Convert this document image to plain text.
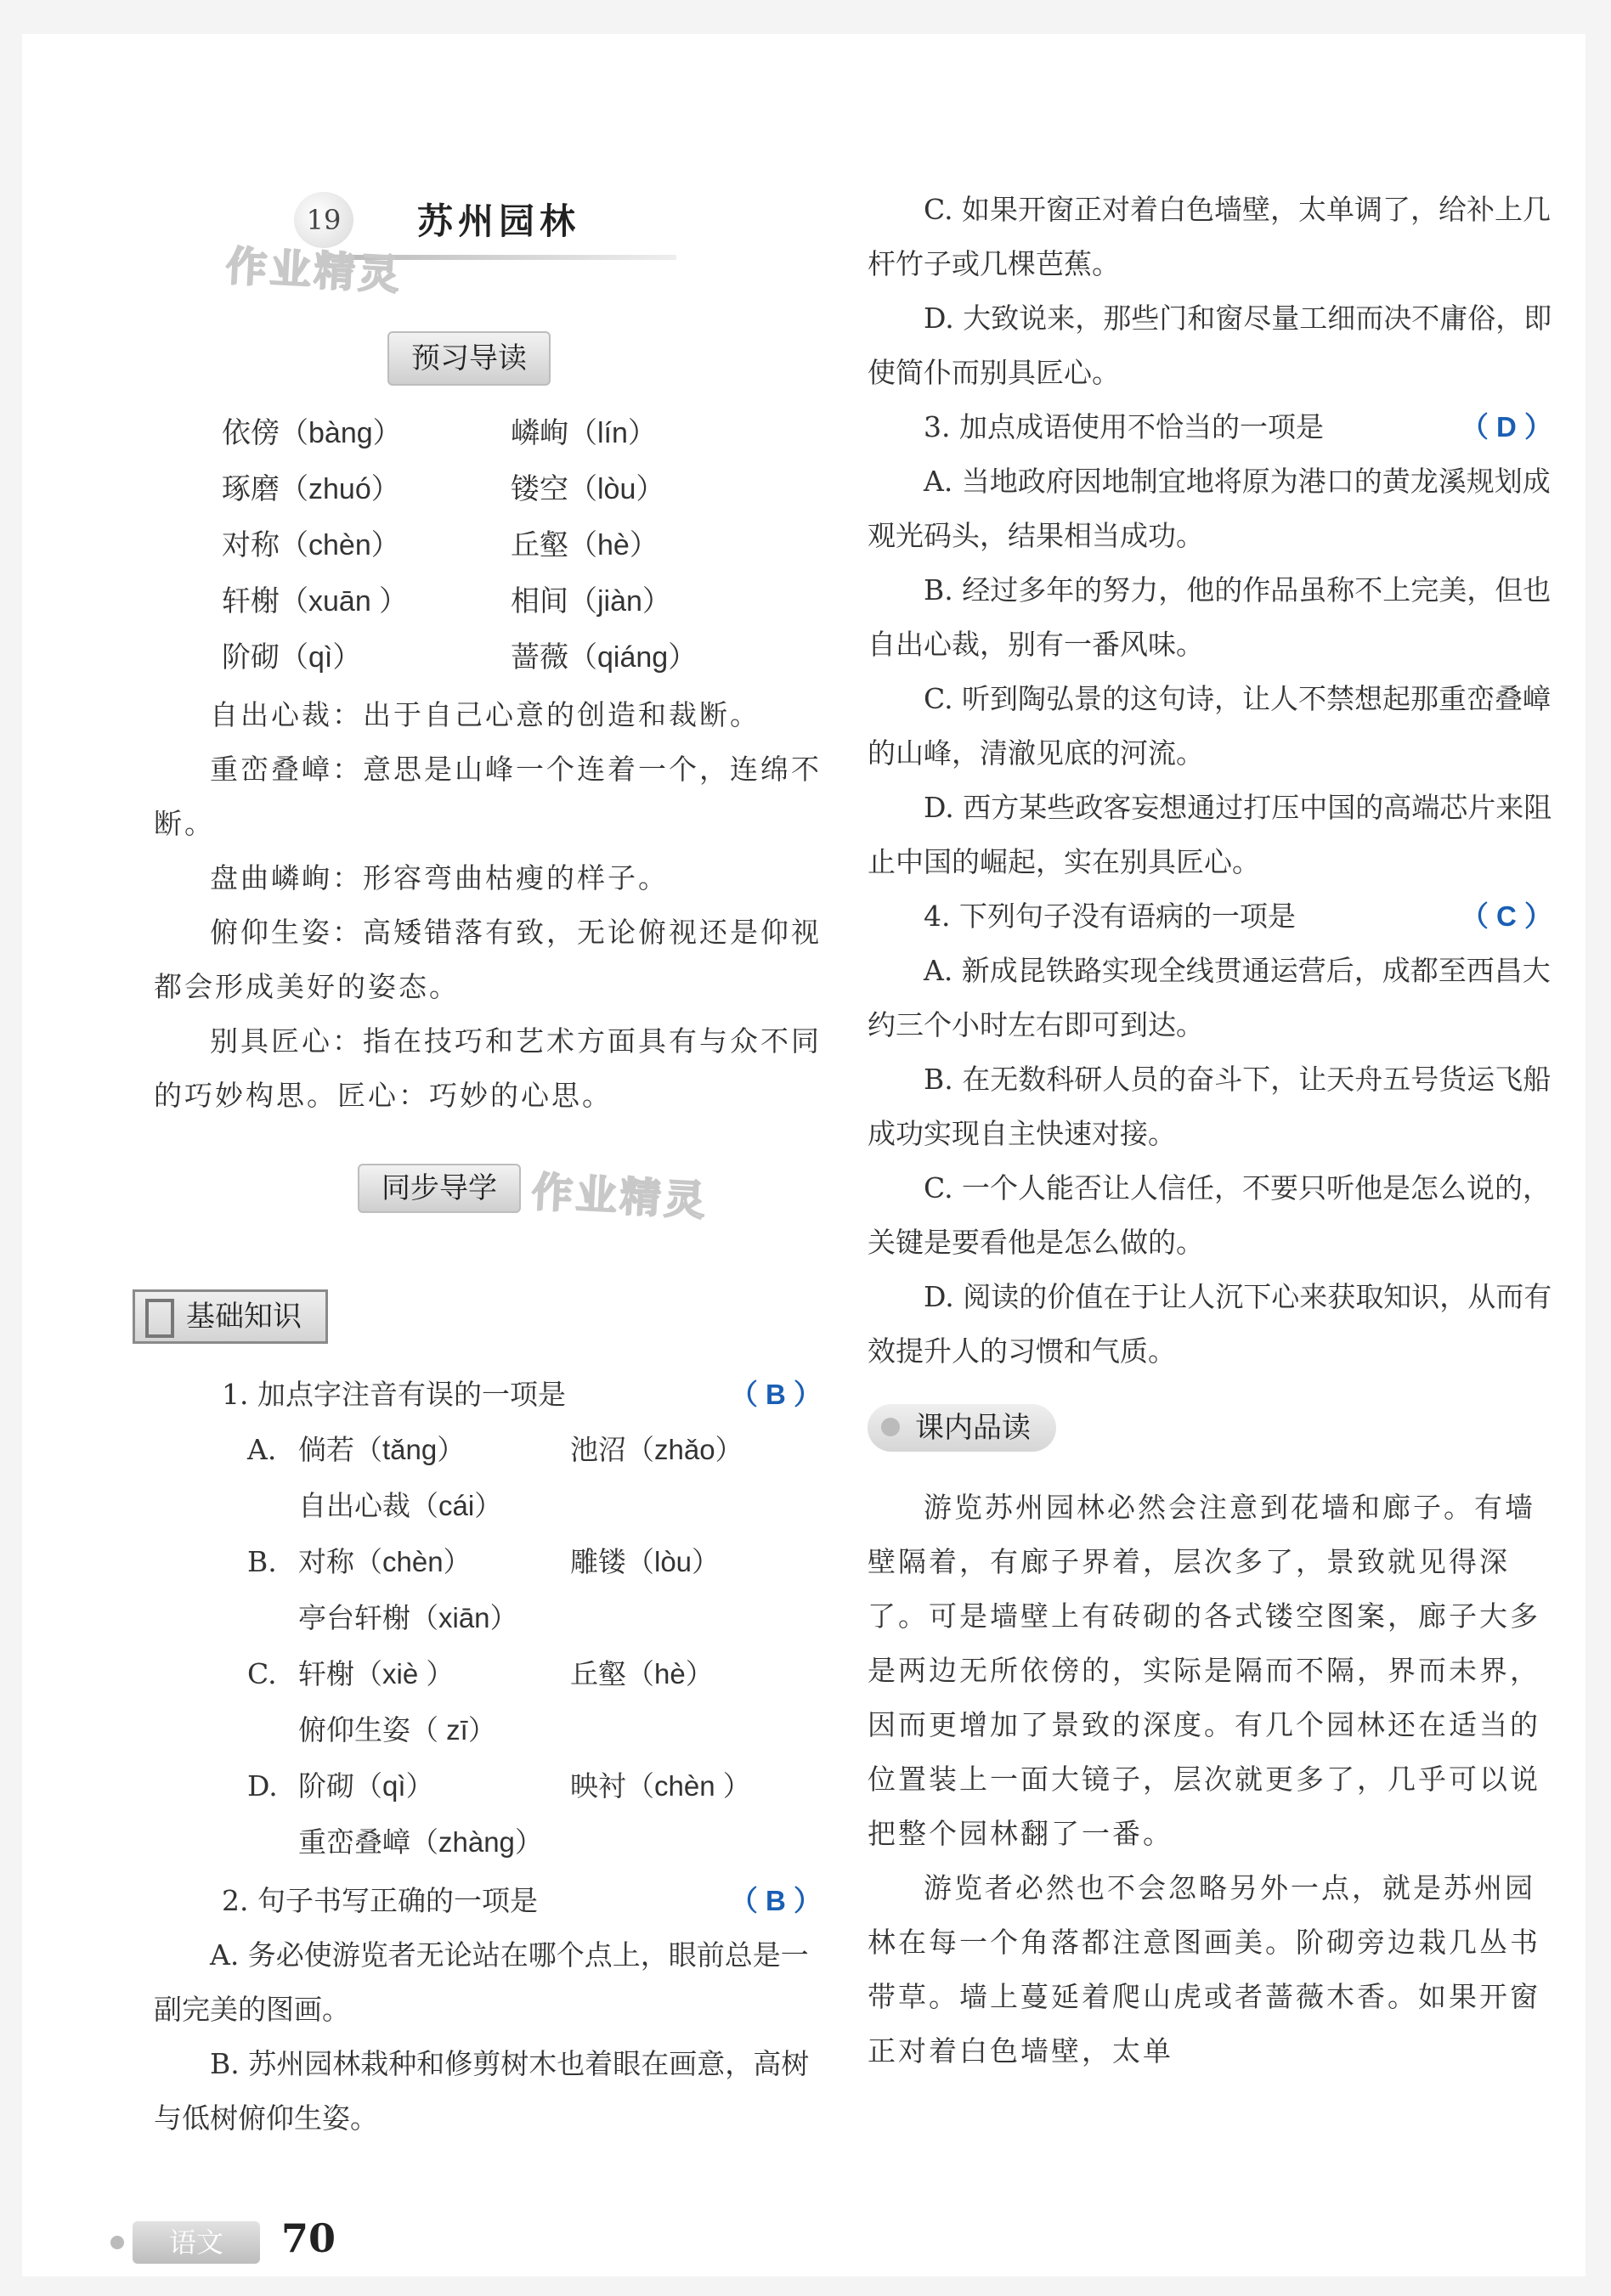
19	苏州园林
作业精灵
预习导读
依傍（bàng）	嶙峋（lín）
琢磨（zhuó）	镂空（lòu）
对称（chèn）	丘壑（hè）
轩榭（xuān ）	相间（jiàn）
阶砌（qì）	蔷薇（qiáng）

自出心裁：出于自己心意的创造和裁断。

重峦叠嶂：意思是山峰一个连着一个，连绵不断。

盘曲嶙峋：形容弯曲枯瘦的样子。

俯仰生姿：高矮错落有致，无论俯视还是仰视都会形成美好的姿态。

别具匠心：指在技巧和艺术方面具有与众不同的巧妙构思。匠心：巧妙的心思。

同步导学 作业精灵
基础知识

1. 加点字注音有误的一项是	（ B ）

A. 倘若（tǎng）	池沼（zhǎo）

自出心裁（cái）

B. 对称（chèn）	雕镂（lòu）

亭台轩榭（xiān）

C. 轩榭（xiè ）	丘壑（hè）

俯仰生姿（ zī）

D. 阶砌（qì）	映衬（chèn ）

重峦叠嶂（zhàng）

2. 句子书写正确的一项是	（ B ）

A. 务必使游览者无论站在哪个点上，眼前总是一副完美的图画。

B. 苏州园林栽种和修剪树木也着眼在画意，高树与低树俯仰生姿。

C. 如果开窗正对着白色墙壁，太单调了，给补上几杆竹子或几棵芭蕉。

D. 大致说来，那些门和窗尽量工细而决不庸俗，即使简仆而别具匠心。

3. 加点成语使用不恰当的一项是	（ D ）

A. 当地政府因地制宜地将原为港口的黄龙溪规划成观光码头，结果相当成功。

B. 经过多年的努力，他的作品虽称不上完美，但也自出心裁，别有一番风味。

C. 听到陶弘景的这句诗，让人不禁想起那重峦叠嶂的山峰，清澈见底的河流。

D. 西方某些政客妄想通过打压中国的高端芯片来阻止中国的崛起，实在别具匠心。

4. 下列句子没有语病的一项是	（ C ）

A. 新成昆铁路实现全线贯通运营后，成都至西昌大约三个小时左右即可到达。

B. 在无数科研人员的奋斗下，让天舟五号货运飞船成功实现自主快速对接。

C. 一个人能否让人信任，不要只听他是怎么说的，关键是要看他是怎么做的。

D. 阅读的价值在于让人沉下心来获取知识，从而有效提升人的习惯和气质。

课内品读

游览苏州园林必然会注意到花墙和廊子。有墙壁隔着，有廊子界着，层次多了，景致就见得深了。可是墙壁上有砖砌的各式镂空图案，廊子大多是两边无所依傍的，实际是隔而不隔，界而未界，因而更增加了景致的深度。有几个园林还在适当的位置装上一面大镜子，层次就更多了，几乎可以说把整个园林翻了一番。

游览者必然也不会忽略另外一点，就是苏州园林在每一个角落都注意图画美。阶砌旁边栽几丛书带草。墙上蔓延着爬山虎或者蔷薇木香。如果开窗正对着白色墙壁，太单

语文	70
